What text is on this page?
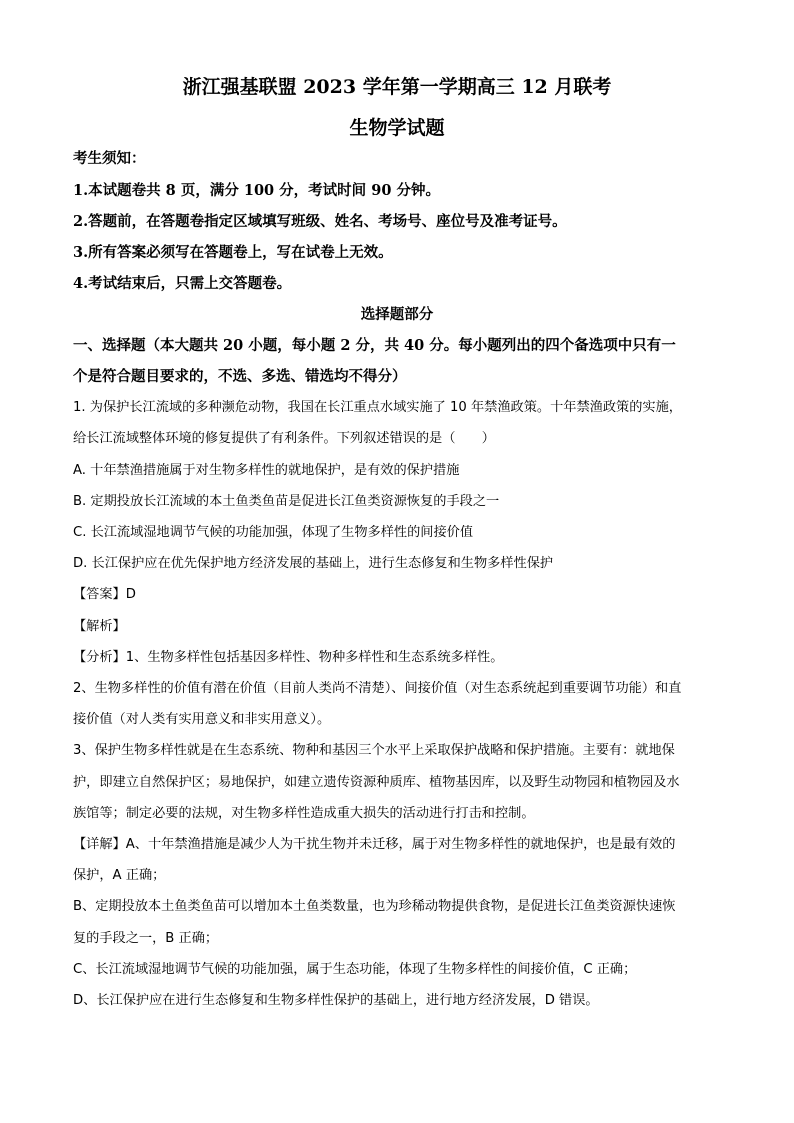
浙江强基联盟 2023 学年第一学期高三 12 月联考
生物学试题
考生须知：
1.本试题卷共 8 页，满分 100 分，考试时间 90 分钟。
2.答题前，在答题卷指定区域填写班级、姓名、考场号、座位号及准考证号。
3.所有答案必须写在答题卷上，写在试卷上无效。
4.考试结束后，只需上交答题卷。
选择题部分
一、选择题（本大题共 20 小题，每小题 2 分，共 40 分。每小题列出的四个备选项中只有一
个是符合题目要求的，不选、多选、错选均不得分）
1. 为保护长江流域的多种濒危动物，我国在长江重点水域实施了 10 年禁渔政策。十年禁渔政策的实施，
给长江流域整体环境的修复提供了有利条件。下列叙述错误的是（　　）
A. 十年禁渔措施属于对生物多样性的就地保护，是有效的保护措施
B. 定期投放长江流域的本土鱼类鱼苗是促进长江鱼类资源恢复的手段之一
C. 长江流域湿地调节气候的功能加强，体现了生物多样性的间接价值
D. 长江保护应在优先保护地方经济发展的基础上，进行生态修复和生物多样性保护
【答案】D
【解析】
【分析】1、生物多样性包括基因多样性、物种多样性和生态系统多样性。
2、生物多样性的价值有潜在价值（目前人类尚不清楚）、间接价值（对生态系统起到重要调节功能）和直
接价值（对人类有实用意义和非实用意义）。
3、保护生物多样性就是在生态系统、物种和基因三个水平上采取保护战略和保护措施。主要有：就地保
护，即建立自然保护区；易地保护，如建立遗传资源种质库、植物基因库，以及野生动物园和植物园及水
族馆等；制定必要的法规，对生物多样性造成重大损失的活动进行打击和控制。
【详解】A、十年禁渔措施是减少人为干扰生物并未迁移，属于对生物多样性的就地保护，也是最有效的
保护，A 正确；
B、定期投放本土鱼类鱼苗可以增加本土鱼类数量，也为珍稀动物提供食物，是促进长江鱼类资源快速恢
复的手段之一，B 正确；
C、长江流域湿地调节气候的功能加强，属于生态功能，体现了生物多样性的间接价值，C 正确；
D、长江保护应在进行生态修复和生物多样性保护的基础上，进行地方经济发展，D 错误。
